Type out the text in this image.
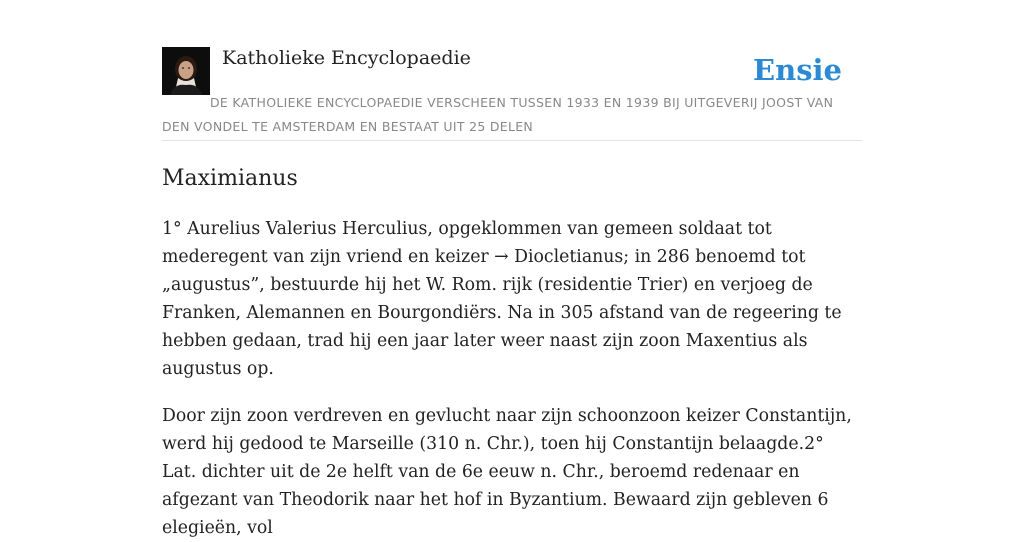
Katholieke Encyclopaedie	Ensie

DE KATHOLIEKE ENCYCLOPAEDIE VERSCHEEN TUSSEN 1933 EN 1939 BIJ UITGEVERIJ JOOST VAN DEN VONDEL TE AMSTERDAM EN BESTAAT UIT 25 DELEN

Maximianus

1° Aurelius Valerius Herculius, opgeklommen van gemeen soldaat tot mederegent van zijn vriend en keizer → Diocletianus; in 286 benoemd tot „augustus”, bestuurde hij het W. Rom. rijk (residentie Trier) en verjoeg de Franken, Alemannen en Bourgondiërs. Na in 305 afstand van de regeering te hebben gedaan, trad hij een jaar later weer naast zijn zoon Maxentius als augustus op.

Door zijn zoon verdreven en gevlucht naar zijn schoonzoon keizer Constantijn, werd hij gedood te Marseille (310 n. Chr.), toen hij Constantijn belaagde.2° Lat. dichter uit de 2e helft van de 6e eeuw n. Chr., beroemd redenaar en afgezant van Theodorik naar het hof in Byzantium. Bewaard zijn gebleven 6 elegieën, vol
